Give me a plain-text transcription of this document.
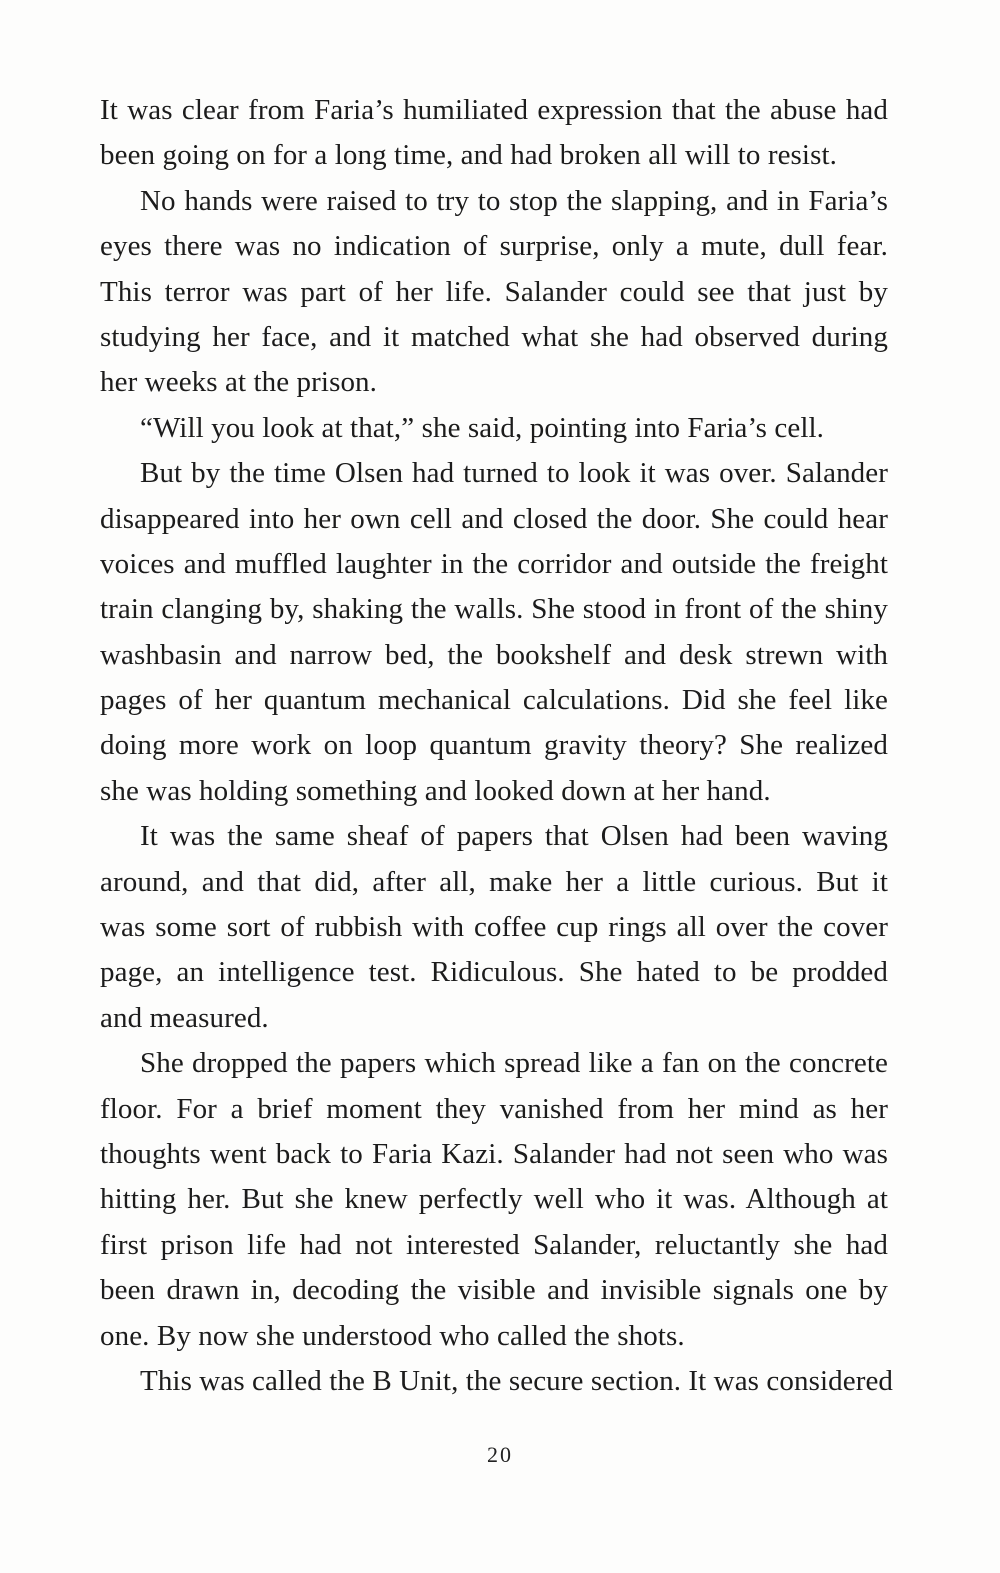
It was clear from Faria’s humiliated expression that the abuse had
been going on for a long time, and had broken all will to resist.
No hands were raised to try to stop the slapping, and in Faria’s
eyes there was no indication of surprise, only a mute, dull fear.
This terror was part of her life. Salander could see that just by
studying her face, and it matched what she had observed during
her weeks at the prison.
“Will you look at that,” she said, pointing into Faria’s cell.
But by the time Olsen had turned to look it was over. Salander
disappeared into her own cell and closed the door. She could hear
voices and muffled laughter in the corridor and outside the freight
train clanging by, shaking the walls. She stood in front of the shiny
washbasin and narrow bed, the bookshelf and desk strewn with
pages of her quantum mechanical calculations. Did she feel like
doing more work on loop quantum gravity theory? She realized
she was holding something and looked down at her hand.
It was the same sheaf of papers that Olsen had been waving
around, and that did, after all, make her a little curious. But it
was some sort of rubbish with coffee cup rings all over the cover
page, an intelligence test. Ridiculous. She hated to be prodded
and measured.
She dropped the papers which spread like a fan on the concrete
floor. For a brief moment they vanished from her mind as her
thoughts went back to Faria Kazi. Salander had not seen who was
hitting her. But she knew perfectly well who it was. Although at
first prison life had not interested Salander, reluctantly she had
been drawn in, decoding the visible and invisible signals one by
one. By now she understood who called the shots.
This was called the B Unit, the secure section. It was considered
20
